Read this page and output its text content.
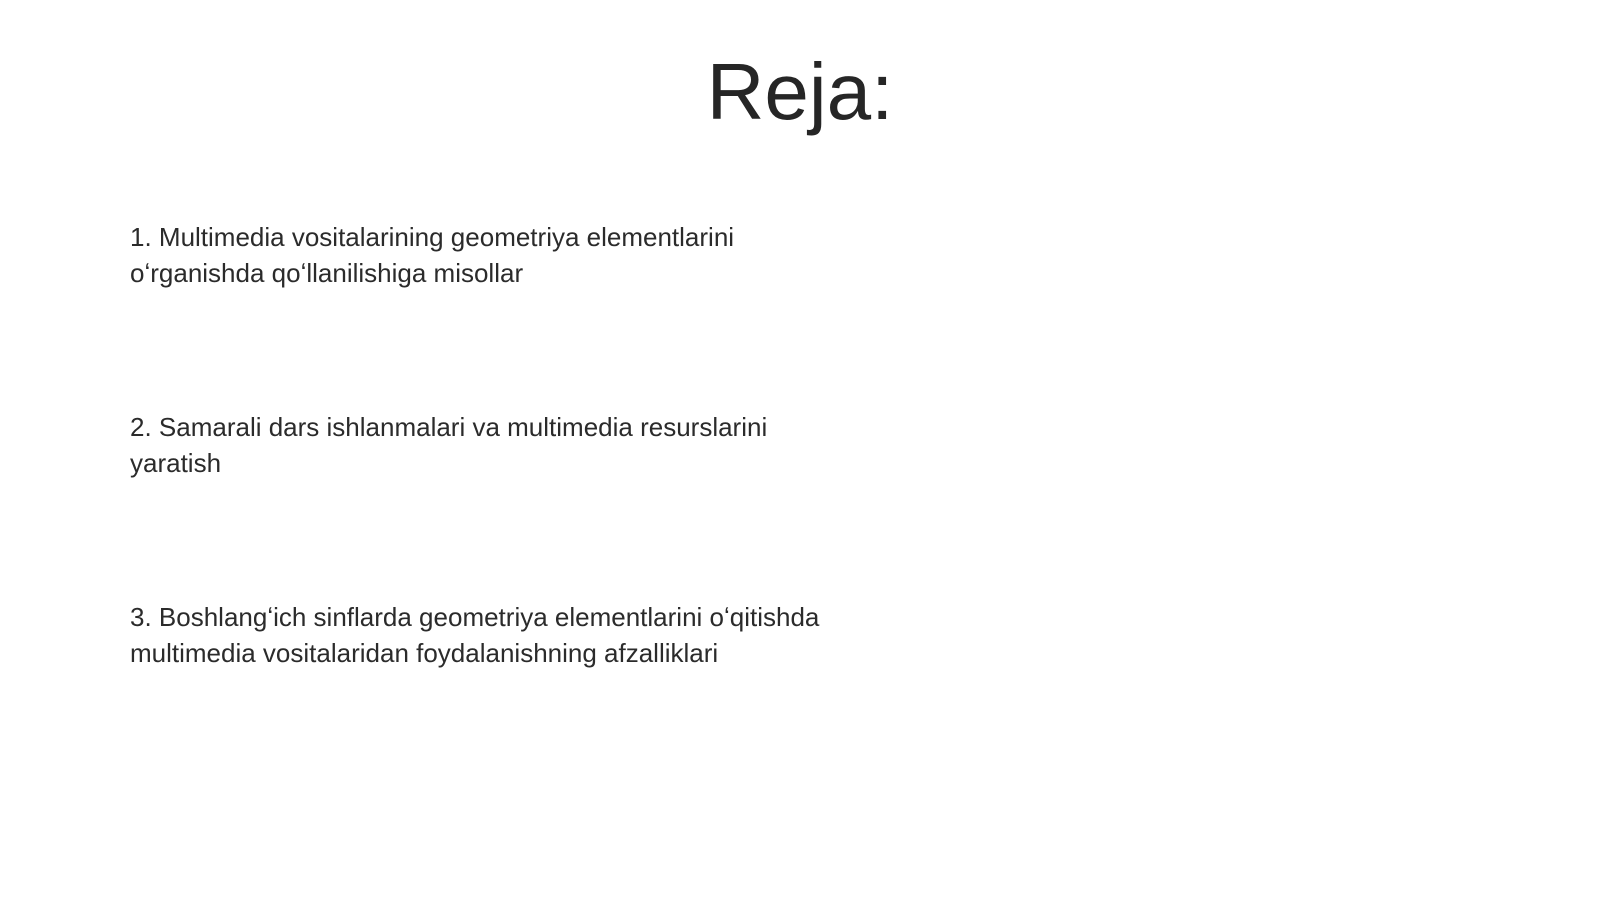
Reja:

1. Multimedia vositalarining geometriya elementlarini oʻrganishda qoʻllanilishiga misollar

2. Samarali dars ishlanmalari va multimedia resurslarini yaratish

3. Boshlangʻich sinflarda geometriya elementlarini oʻqitishda multimedia vositalaridan foydalanishning afzalliklari
